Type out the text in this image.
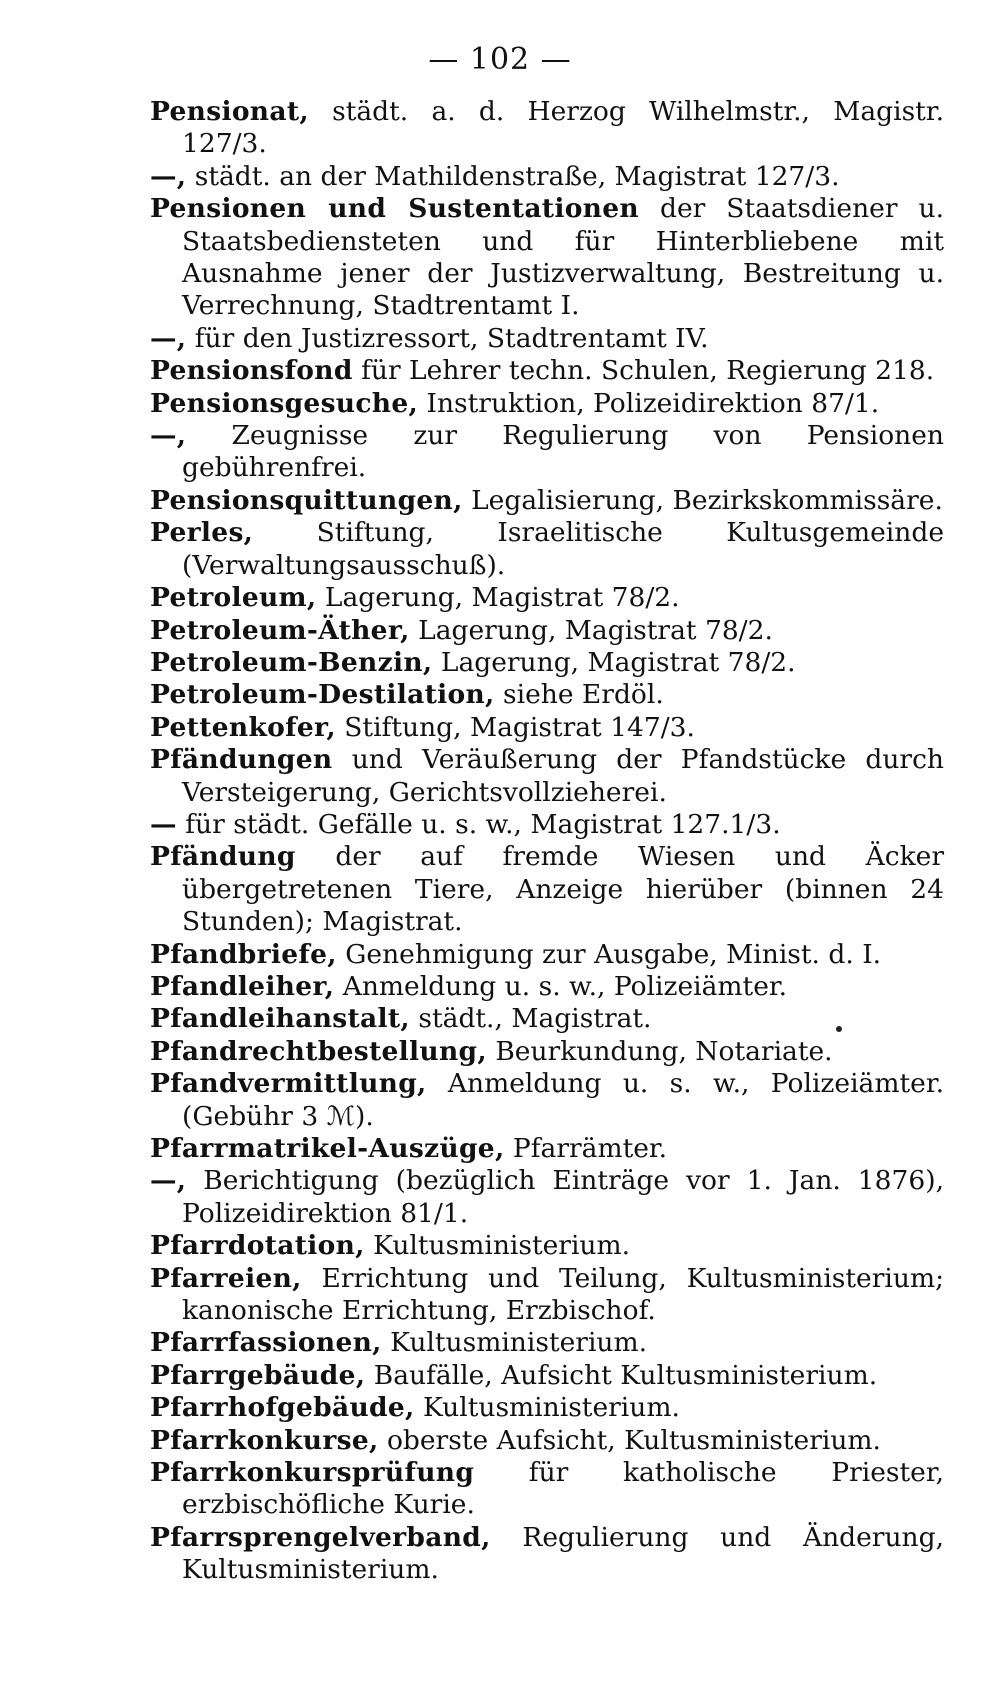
— 102 —

Pensionat, städt. a. d. Herzog Wilhelmstr., Magistr. 127/3.

—, städt. an der Mathildenstraße, Magistrat 127/3.

Pensionen und Sustentationen der Staatsdiener u. Staatsbediensteten und für Hinterbliebene mit Ausnahme jener der Justizverwaltung, Bestreitung u. Verrechnung, Stadtrentamt I.

—, für den Justizressort, Stadtrentamt IV.

Pensionsfond für Lehrer techn. Schulen, Regierung 218.

Pensionsgesuche, Instruktion, Polizeidirektion 87/1.

—, Zeugnisse zur Regulierung von Pensionen gebührenfrei.

Pensionsquittungen, Legalisierung, Bezirkskommissäre.

Perles, Stiftung, Israelitische Kultusgemeinde (Verwaltungsausschuß).

Petroleum, Lagerung, Magistrat 78/2.

Petroleum-Äther, Lagerung, Magistrat 78/2.

Petroleum-Benzin, Lagerung, Magistrat 78/2.

Petroleum-Destilation, siehe Erdöl.

Pettenkofer, Stiftung, Magistrat 147/3.

Pfändungen und Veräußerung der Pfandstücke durch Versteigerung, Gerichtsvollzieherei.

— für städt. Gefälle u. s. w., Magistrat 127.1/3.

Pfändung der auf fremde Wiesen und Äcker übergetretenen Tiere, Anzeige hierüber (binnen 24 Stunden); Magistrat.

Pfandbriefe, Genehmigung zur Ausgabe, Minist. d. I.

Pfandleiher, Anmeldung u. s. w., Polizeiämter.

Pfandleihanstalt, städt., Magistrat.

Pfandrechtbestellung, Beurkundung, Notariate.

Pfandvermittlung, Anmeldung u. s. w., Polizeiämter. (Gebühr 3 ℳ).

Pfarrmatrikel-Auszüge, Pfarrämter.

—, Berichtigung (bezüglich Einträge vor 1. Jan. 1876), Polizeidirektion 81/1.

Pfarrdotation, Kultusministerium.

Pfarreien, Errichtung und Teilung, Kultusministerium; kanonische Errichtung, Erzbischof.

Pfarrfassionen, Kultusministerium.

Pfarrgebäude, Baufälle, Aufsicht Kultusministerium.

Pfarrhofgebäude, Kultusministerium.

Pfarrkonkurse, oberste Aufsicht, Kultusministerium.

Pfarrkonkursprüfung für katholische Priester, erzbischöfliche Kurie.

Pfarrsprengelverband, Regulierung und Änderung, Kultusministerium.
